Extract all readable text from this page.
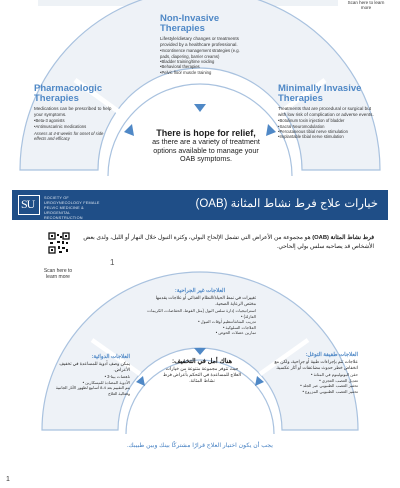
Scan here to learn more
Non-Invasive Therapies
Lifestyle/dietary changes or treatments provided by a healthcare professional.
• Incontinence management strategies (e.g. pads, diapering, barrier creams)
• Bladder training/time voiding
• Behavioral therapies
• Pelvic floor muscle training
Pharmacologic Therapies
Medications can be prescribed to help your symptoms.
• Beta-3 agonists
• Antimuscarinic medications
Assess at 4-8 weeks for onset of side effects and efficacy
Minimally Invasive Therapies
Treatments that are procedural or surgical but with low risk of complication or adverse events.
• Botulinum toxin injection of bladder
• Sacral Neuromodulation
• Percutaneous tibial nerve stimulation
• Implantable tibial nerve stimulation
There is hope for relief,
as there are a variety of treatment options available to manage your OAB symptoms.
SU	SOCIETY OF UROGYNECOLOGY FEMALE PELVIC MEDICINE & UROGENITAL RECONSTRUCTION
خيارات علاج فرط نشاط المثانة (OAB)
فرط نشاط المثانة (OAB) هو مجموعة من الأعراض التي تشمل الإلحاح البولي، وكثرة التبول خلال النهار أو الليل، ولدى بعض الأشخاص قد يصاحبه سلس بولي إلحاحي.
Scan here to learn more
1
العلاجات غير الجراحية:
تغييرات في نمط الحياة/النظام الغذائي أو علاجات يقدمها مختص الرعاية الصحية.
استراتيجيات إدارة سلس البول (مثل الفوط، الحفاضات، الكريمات العازلة) •
تدريب المثانة/تنظيم أوقات التبول •
العلاجات السلوكية •
تمارين عضلات الحوض •
العلاجات الدوائية:
يمكن وصف أدوية للمساعدة في تخفيف الأعراض.
ناهضات بيتا-3 •
الأدوية المضادة للمسكارين •
يتم التقييم بعد 4-8 أسابيع لظهور الآثار الجانبية وفعالية العلاج
العلاجات طفيفة التوغل:
علاجات تتم بإجراءات طبية أو جراحية، ولكن مع انخفاض خطر حدوث مضاعفات أو آثار عكسية.
حقن البوتولينوم في المثانة •
تعديل العصب العجزي •
تحفيز العصب الظنبوبي عبر الجلد •
تحفيز العصب الظنبوبي المزروع •
هناك أمل في التخفيف:
حيث تتوفر مجموعة متنوعة من خيارات العلاج للمساعدة في التحكم بأعراض فرط نشاط المثانة.
يجب أن يكون اختيار العلاج قرارًا مشتركًا بينك وبين طبيبك.
1
